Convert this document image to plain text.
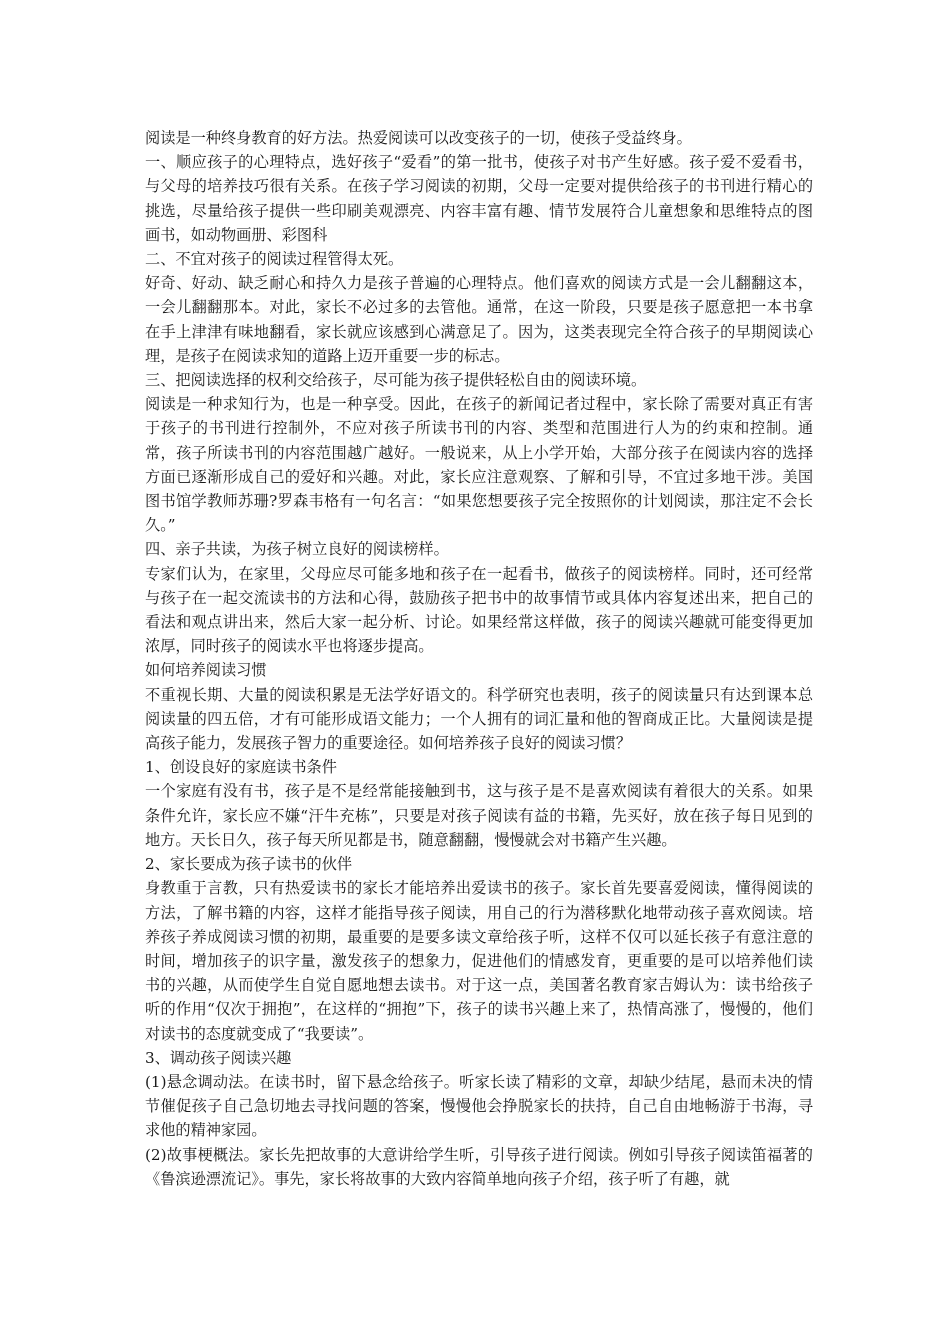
阅读是一种终身教育的好方法。热爱阅读可以改变孩子的一切，使孩子受益终身。

一、顺应孩子的心理特点，选好孩子“爱看”的第一批书，使孩子对书产生好感。孩子爱不爱看书，与父母的培养技巧很有关系。在孩子学习阅读的初期，父母一定要对提供给孩子的书刊进行精心的挑选，尽量给孩子提供一些印刷美观漂亮、内容丰富有趣、情节发展符合儿童想象和思维特点的图画书，如动物画册、彩图科

二、不宜对孩子的阅读过程管得太死。

好奇、好动、缺乏耐心和持久力是孩子普遍的心理特点。他们喜欢的阅读方式是一会儿翻翻这本，一会儿翻翻那本。对此，家长不必过多的去管他。通常，在这一阶段，只要是孩子愿意把一本书拿在手上津津有味地翻看，家长就应该感到心满意足了。因为，这类表现完全符合孩子的早期阅读心理，是孩子在阅读求知的道路上迈开重要一步的标志。

三、把阅读选择的权利交给孩子，尽可能为孩子提供轻松自由的阅读环境。

阅读是一种求知行为，也是一种享受。因此，在孩子的新闻记者过程中，家长除了需要对真正有害于孩子的书刊进行控制外，不应对孩子所读书刊的内容、类型和范围进行人为的约束和控制。通常，孩子所读书刊的内容范围越广越好。一般说来，从上小学开始，大部分孩子在阅读内容的选择方面已逐渐形成自己的爱好和兴趣。对此，家长应注意观察、了解和引导，不宜过多地干涉。美国图书馆学教师苏珊?罗森韦格有一句名言：“如果您想要孩子完全按照你的计划阅读，那注定不会长久。”

四、亲子共读，为孩子树立良好的阅读榜样。

专家们认为，在家里，父母应尽可能多地和孩子在一起看书，做孩子的阅读榜样。同时，还可经常与孩子在一起交流读书的方法和心得，鼓励孩子把书中的故事情节或具体内容复述出来，把自己的看法和观点讲出来，然后大家一起分析、讨论。如果经常这样做，孩子的阅读兴趣就可能变得更加浓厚，同时孩子的阅读水平也将逐步提高。

如何培养阅读习惯

不重视长期、大量的阅读积累是无法学好语文的。科学研究也表明，孩子的阅读量只有达到课本总阅读量的四五倍，才有可能形成语文能力；一个人拥有的词汇量和他的智商成正比。大量阅读是提高孩子能力，发展孩子智力的重要途径。如何培养孩子良好的阅读习惯？

1、创设良好的家庭读书条件

一个家庭有没有书，孩子是不是经常能接触到书，这与孩子是不是喜欢阅读有着很大的关系。如果条件允许，家长应不嫌“汗牛充栋”，只要是对孩子阅读有益的书籍，先买好，放在孩子每日见到的地方。天长日久，孩子每天所见都是书，随意翻翻，慢慢就会对书籍产生兴趣。

2、家长要成为孩子读书的伙伴

身教重于言教，只有热爱读书的家长才能培养出爱读书的孩子。家长首先要喜爱阅读，懂得阅读的方法，了解书籍的内容，这样才能指导孩子阅读，用自己的行为潜移默化地带动孩子喜欢阅读。培养孩子养成阅读习惯的初期，最重要的是要多读文章给孩子听，这样不仅可以延长孩子有意注意的时间，增加孩子的识字量，激发孩子的想象力，促进他们的情感发育，更重要的是可以培养他们读书的兴趣，从而使学生自觉自愿地想去读书。对于这一点，美国著名教育家吉姆认为：读书给孩子听的作用“仅次于拥抱”，在这样的“拥抱”下，孩子的读书兴趣上来了，热情高涨了，慢慢的，他们对读书的态度就变成了“我要读”。

3、调动孩子阅读兴趣

(1)悬念调动法。在读书时，留下悬念给孩子。听家长读了精彩的文章，却缺少结尾，悬而未决的情节催促孩子自己急切地去寻找问题的答案，慢慢他会挣脱家长的扶持，自己自由地畅游于书海，寻求他的精神家园。

(2)故事梗概法。家长先把故事的大意讲给学生听，引导孩子进行阅读。例如引导孩子阅读笛福著的《鲁滨逊漂流记》。事先，家长将故事的大致内容简单地向孩子介绍，孩子听了有趣，就
